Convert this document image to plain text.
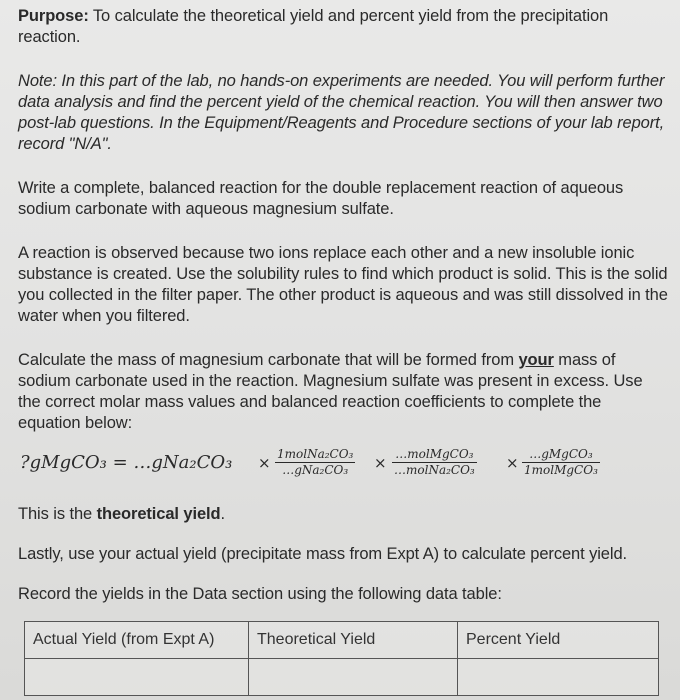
Purpose: To calculate the theoretical yield and percent yield from the precipitation reaction.

Note: In this part of the lab, no hands-on experiments are needed. You will perform further data analysis and find the percent yield of the chemical reaction. You will then answer two post-lab questions. In the Equipment/Reagents and Procedure sections of your lab report, record "N/A".

Write a complete, balanced reaction for the double replacement reaction of aqueous sodium carbonate with aqueous magnesium sulfate.

A reaction is observed because two ions replace each other and a new insoluble ionic substance is created. Use the solubility rules to find which product is solid. This is the solid you collected in the filter paper. The other product is aqueous and was still dissolved in the water when you filtered.

Calculate the mass of magnesium carbonate that will be formed from your mass of sodium carbonate used in the reaction. Magnesium sulfate was present in excess. Use the correct molar mass values and balanced reaction coefficients to complete the equation below:

?gMgCO₃ = …gNa₂CO₃ × 1molNa₂CO₃
…gNa₂CO₃	× …molMgCO₃
…molNa₂CO₃ × …gMgCO₃
1molMgCO₃

This is the theoretical yield.

Lastly, use your actual yield (precipitate mass from Expt A) to calculate percent yield.

Record the yields in the Data section using the following data table:

Actual Yield (from Expt A)	Theoretical Yield	Percent Yield
